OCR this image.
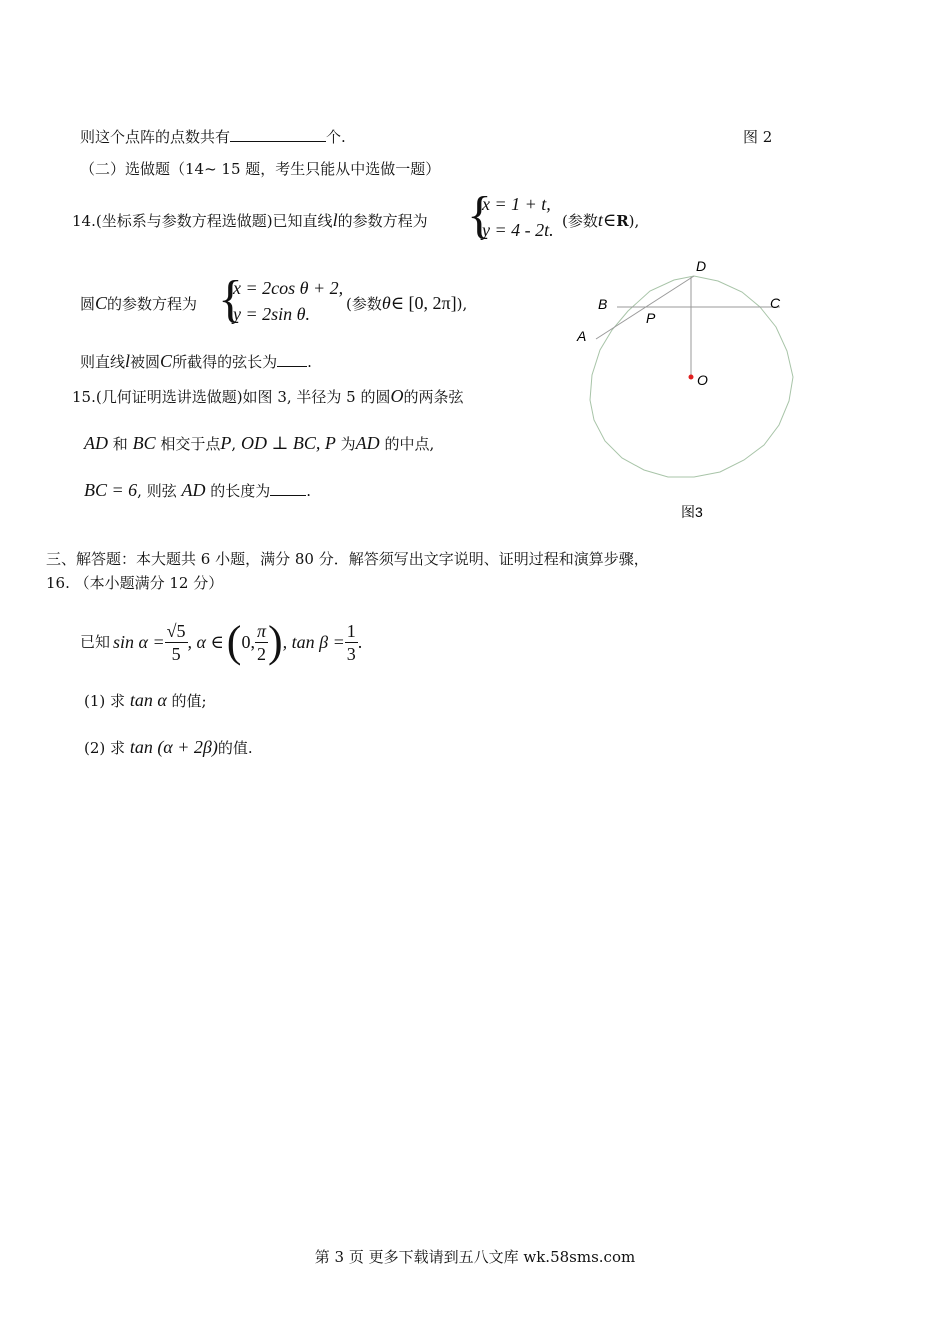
则这个点阵的点数共有	个.	图 2
（二）选做题（14~ 15 题，考生只能从中选做一题）
14.(坐标系与参数方程选做题)已知直线l的参数方程为 {
x = 1 + t,
y = 4 - 2t. (参数t∈R),
圆C的参数方程为 {
x = 2cos θ + 2,
y = 2sin θ.	(参数θ∈ [0, 2π]),
则直线l被圆C所截得的弦长为 .
15.(几何证明选讲选做题)如图 3, 半径为 5 的圆O的两条弦
AD 和 BC 相交于点P, OD ⊥ BC, P 为AD 的中点,
BC = 6, 则弦 AD 的长度为 .
D
B	C
P
A
O
图3
三、解答题：本大题共 6 小题，满分 80 分．解答须写出文字说明、证明过程和演算步骤，
16. （本小题满分 12 分）
已知 $\sin \alpha = \frac{√5}{5}$ , α ∈ ( 0, $\frac{\pi}{2}$ ) , $\tan \beta = \frac{1}{3}$ .
(1) 求 tan α 的值;
(2) 求 tan (α + 2β)的值.
第 3 页 更多下载请到五八文库 wk.58sms.com
